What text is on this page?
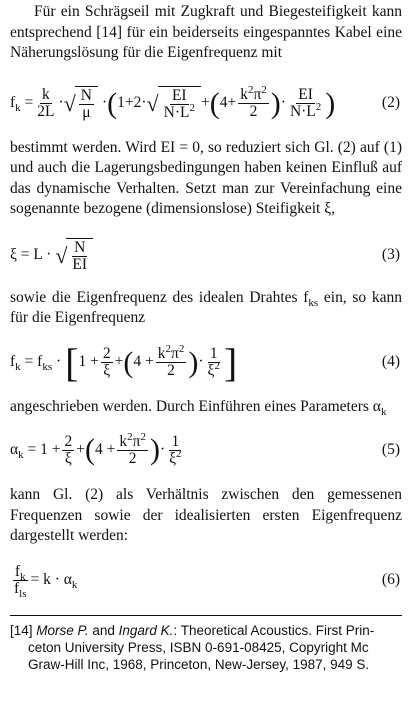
Für ein Schrägseil mit Zugkraft und Biegesteifigkeit kann entsprechend [14] für ein beiderseits eingespanntes Kabel eine Näherungslösung für die Eigenfrequenz mit

$f_k = \frac{k}{2L}$ · √ $\frac{N}{\mu}$ · ( 1+2· √ $\frac{EI}{N\cdot L^2}$ + ( $4+ \frac{k^2\pi^2}{2}$ ) · $\frac{EI}{N\cdot L^2}$ )	(2)

bestimmt werden. Wird EI = 0, so reduziert sich Gl. (2) auf (1) und auch die Lagerungsbedingungen haben keinen Einfluß auf das dynamische Verhalten. Setzt man zur Vereinfachung eine sogenannte bezogene (dimensionslose) Steifigkeit ξ,

ξ = L · √ $\frac{N}{EI}$	(3)

sowie die Eigenfrequenz des idealen Drahtes $f_{ks}$ ein, so kann für die Eigenfrequenz

$f_k = f_{ks}$ · [ $1 + \frac{2}{\xi}$ + ( $4 + \frac{k^2\pi^2}{2}$ ) · $\frac{1}{\xi^2}$ ]	(4)

angeschrieben werden. Durch Einführen eines Parameters $\alpha_k$

$\alpha_k = 1 + \frac{2}{\xi}$ + ( $4 + \frac{k^2\pi^2}{2}$ ) · $\frac{1}{\xi^2}$	(5)

kann Gl. (2) als Verhältnis zwischen den gemessenen Frequenzen sowie der idealisierten ersten Eigenfrequenz dargestellt werden:

$\frac{f_k}{f_{ls}} = k \cdot \alpha_k$	(6)
[14] Morse P. and Ingard K.: Theoretical Acoustics. First Prin-
ceton University Press, ISBN 0-691-08425, Copyright Mc
Graw-Hill Inc, 1968, Princeton, New-Jersey, 1987, 949 S.
